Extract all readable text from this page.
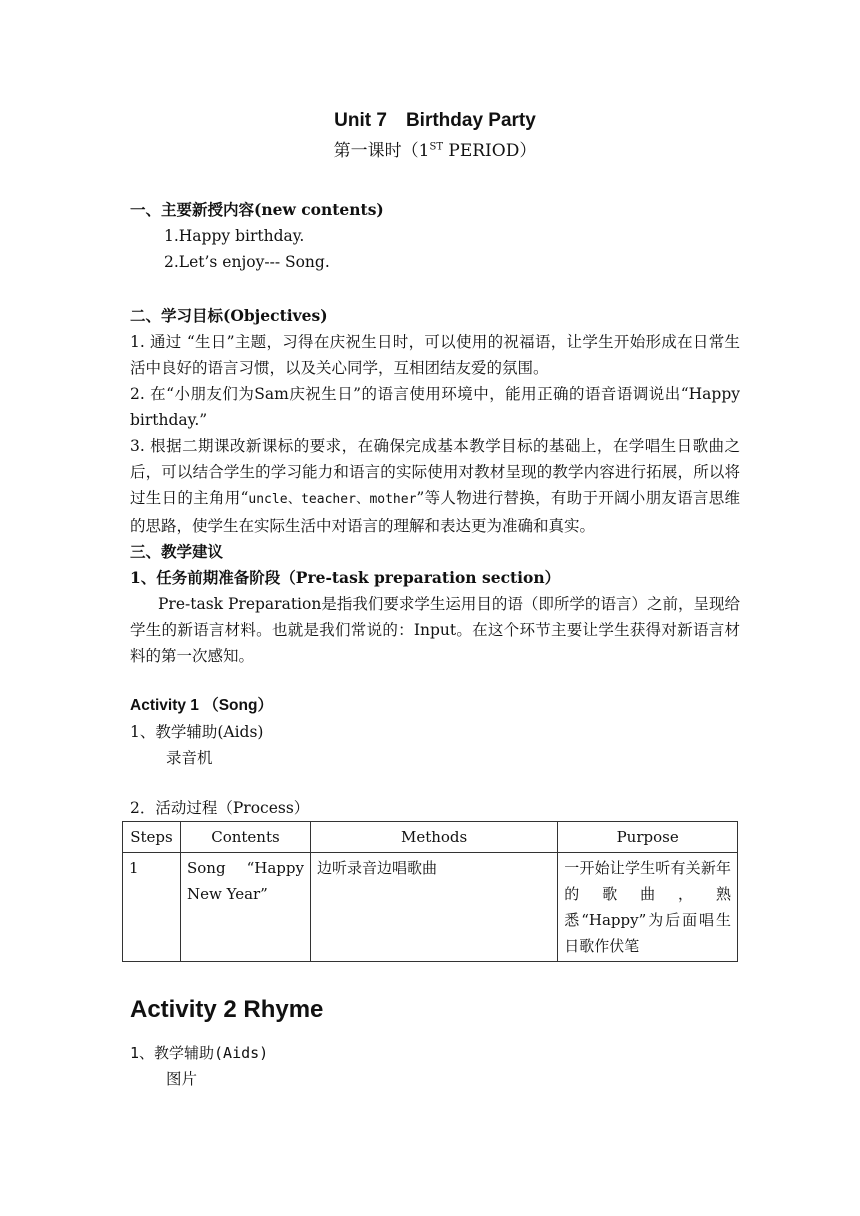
Unit 7　Birthday Party
第一课时（1ST PERIOD）

一、主要新授内容(new contents)

1.Happy birthday.

2.Let’s enjoy--- Song.

二、学习目标(Objectives)

1. 通过 “生日”主题，习得在庆祝生日时，可以使用的祝福语，让学生开始形成在日常生活中良好的语言习惯，以及关心同学，互相团结友爱的氛围。

2. 在“小朋友们为Sam庆祝生日”的语言使用环境中，能用正确的语音语调说出“Happy birthday.”

3. 根据二期课改新课标的要求，在确保完成基本教学目标的基础上，在学唱生日歌曲之后，可以结合学生的学习能力和语言的实际使用对教材呈现的教学内容进行拓展，所以将过生日的主角用“uncle、teacher、mother”等人物进行替换，有助于开阔小朋友语言思维的思路，使学生在实际生活中对语言的理解和表达更为准确和真实。

三、教学建议

1、任务前期准备阶段（Pre-task preparation section）

Pre-task Preparation是指我们要求学生运用目的语（即所学的语言）之前，呈现给学生的新语言材料。也就是我们常说的：Input。在这个环节主要让学生获得对新语言材料的第一次感知。

Activity 1 （Song）

1、教学辅助(Aids)

录音机

2．活动过程（Process）

Steps	Contents	Methods	Purpose
1	Song　“Happy New Year”	边听录音边唱歌曲	一开始让学生听有关新年的歌曲，熟悉“Happy”为后面唱生日歌作伏笔

Activity 2 Rhyme

1、教学辅助(Aids)

图片
